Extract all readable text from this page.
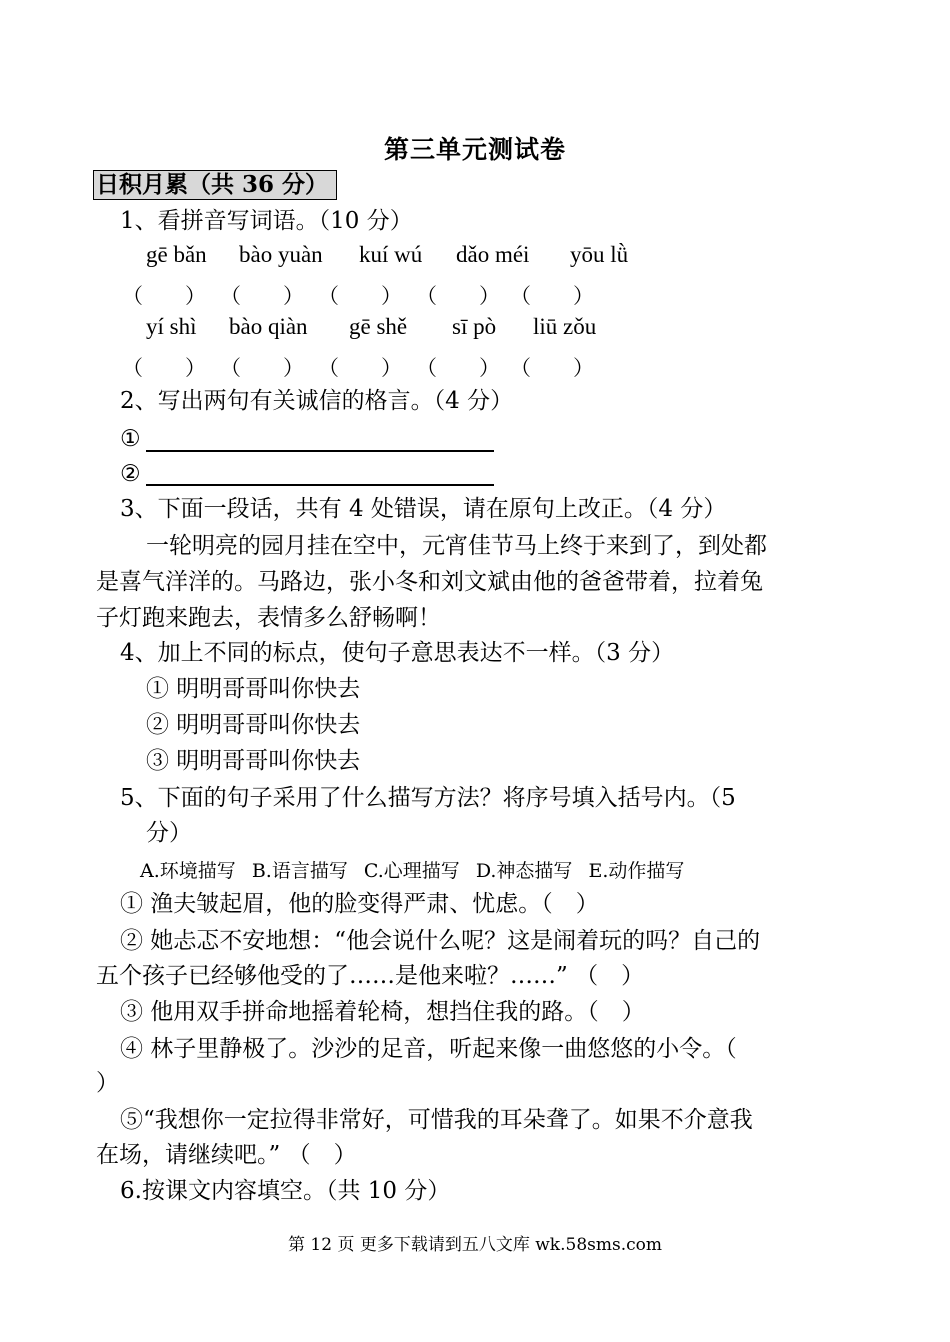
第三单元测试卷
日积月累（共 36 分）
1、看拼音写词语。（10 分）
gē bǎn bào yuàn kuí wú dǎo méi yōu lǜ
（　　） （　　） （　　） （　　） （　　）
yí shì bào qiàn gē shě sī pò liū zǒu
（　　） （　　） （　　） （　　） （　　）
2、写出两句有关诚信的格言。（4 分）
①
②
3、下面一段话，共有 4 处错误，请在原句上改正。（4 分）
一轮明亮的园月挂在空中，元宵佳节马上终于来到了，到处都
是喜气洋洋的。马路边，张小冬和刘文斌由他的爸爸带着，拉着兔
子灯跑来跑去，表情多么舒畅啊！
4、加上不同的标点，使句子意思表达不一样。（3 分）
① 明明哥哥叫你快去
② 明明哥哥叫你快去
③ 明明哥哥叫你快去
5、下面的句子采用了什么描写方法？将序号填入括号内。（5
分）
A.环境描写 B.语言描写 C.心理描写 D.神态描写 E.动作描写
① 渔夫皱起眉，他的脸变得严肃、忧虑。（　）
② 她忐忑不安地想：“他会说什么呢？这是闹着玩的吗？自己的
五个孩子已经够他受的了……是他来啦？……” （　）
③ 他用双手拼命地摇着轮椅，想挡住我的路。（　）
④ 林子里静极了。沙沙的足音，听起来像一曲悠悠的小令。（
）
⑤“我想你一定拉得非常好，可惜我的耳朵聋了。如果不介意我
在场，请继续吧。” （　）
6.按课文内容填空。（共 10 分）
第 12 页 更多下载请到五八文库 wk.58sms.com
